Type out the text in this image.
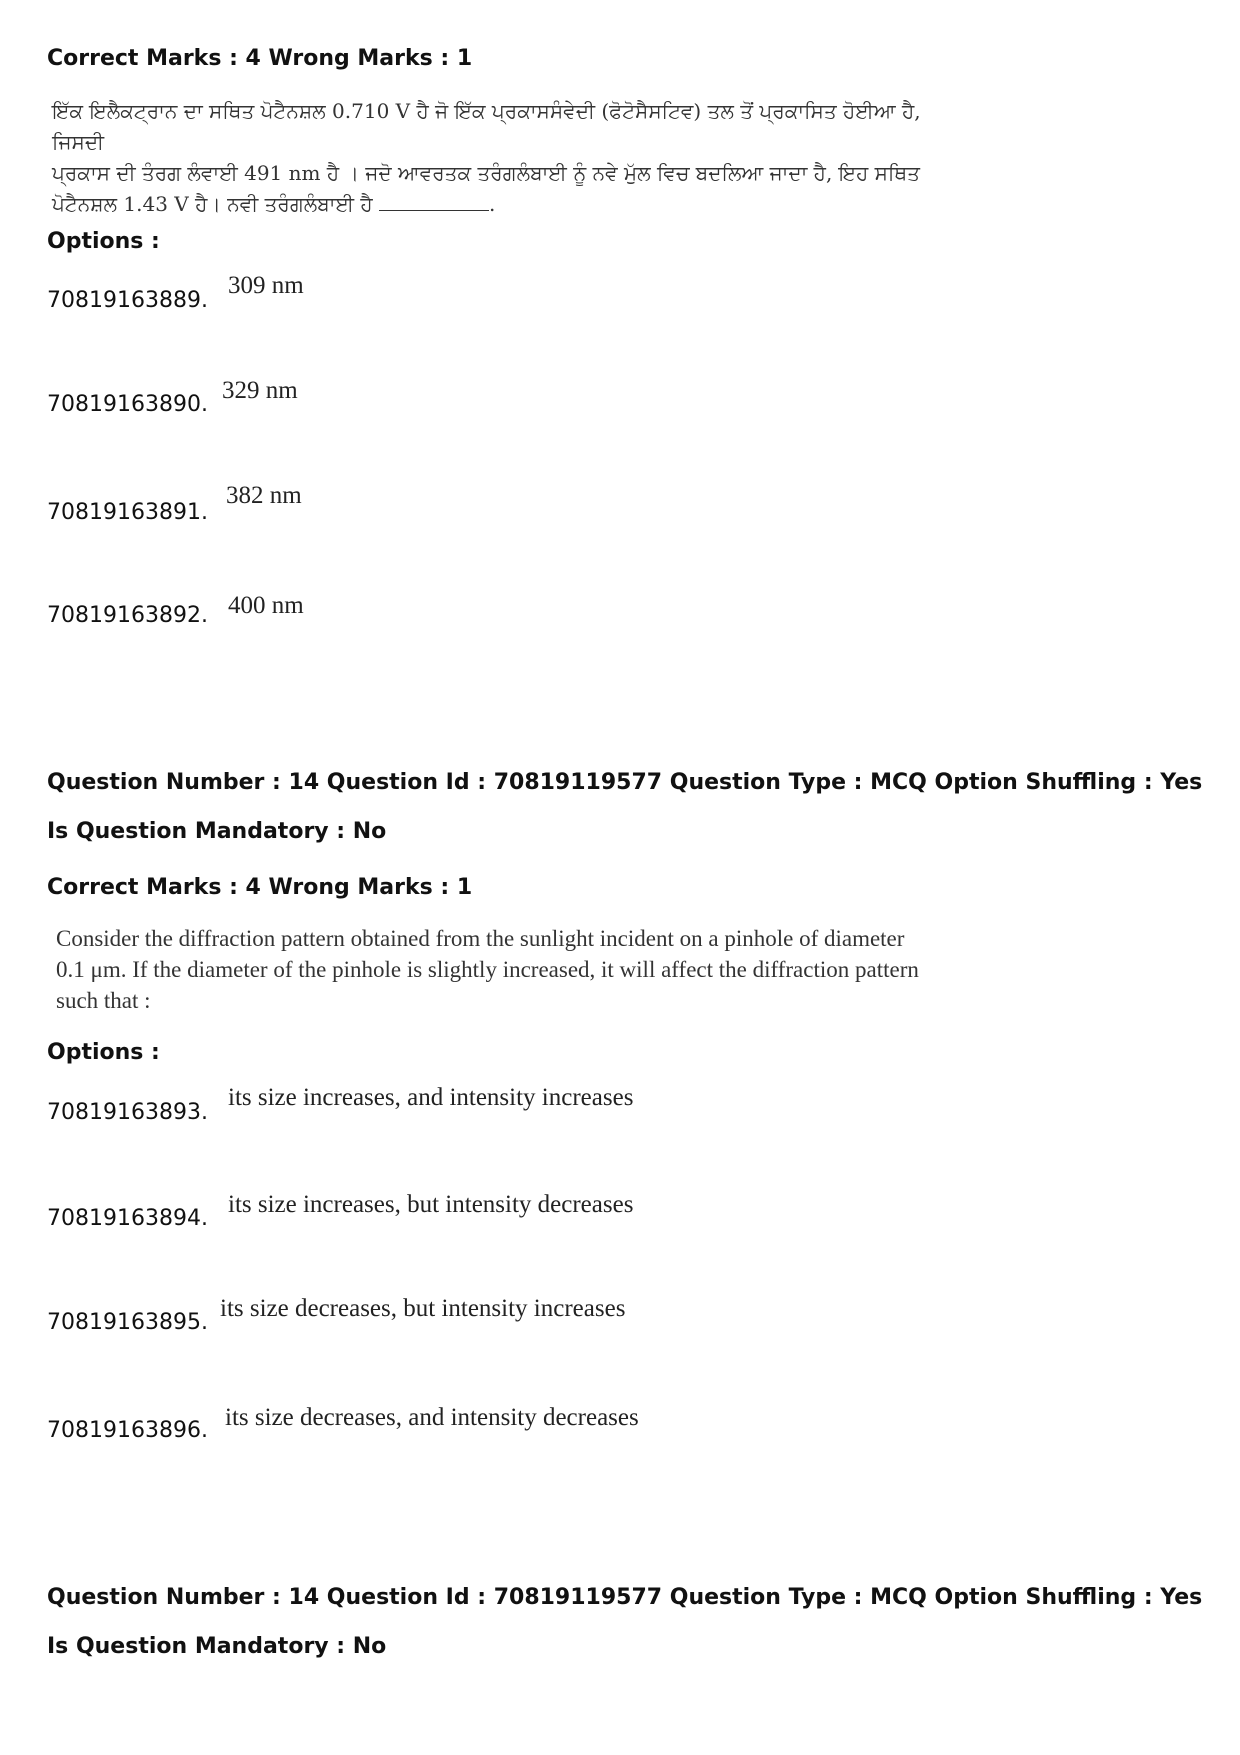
Correct Marks : 4 Wrong Marks : 1
ਇੱਕ ਇਲੈਕਟ੍ਰਾਨ ਦਾ ਸਥਿਤ ਪੋਟੈਨਸ਼ਲ 0.710 V ਹੈ ਜੋ ਇੱਕ ਪ੍ਰਕਾਸਸੰਵੇਦੀ (ਫੋਟੋਸੈਸਟਿਵ) ਤਲ ਤੋਂ ਪ੍ਰਕਾਸਿਤ ਹੋਈਆ ਹੈ, ਜਿਸਦੀ
ਪ੍ਰਕਾਸ ਦੀ ਤੰਰਗ ਲੰਵਾਈ 491 nm ਹੈ । ਜਦੋ ਆਵਰਤਕ ਤਰੰਗਲੰਬਾਈ ਨੂੰ ਨਵੇ ਮੁੱਲ ਵਿਚ ਬਦਲਿਆ ਜਾਦਾ ਹੈ, ਇਹ ਸਥਿਤ
ਪੋਟੈਨਸ਼ਲ 1.43 V ਹੈ। ਨਵੀ ਤਰੰਗਲੰਬਾਈ ਹੈ	.
Options :
70819163889.
309 nm
70819163890.
329 nm
70819163891.
382 nm
70819163892. 400 nm
Question Number : 14 Question Id : 70819119577 Question Type : MCQ Option Shuffling : Yes
Is Question Mandatory : No
Correct Marks : 4 Wrong Marks : 1
Consider the diffraction pattern obtained from the sunlight incident on a pinhole of diameter
0.1 μm. If the diameter of the pinhole is slightly increased, it will affect the diffraction pattern
such that :
Options :
70819163893.
its size increases, and intensity increases
70819163894.
its size increases, but intensity decreases
70819163895.
its size decreases, but intensity increases
70819163896. its size decreases, and intensity decreases
Question Number : 14 Question Id : 70819119577 Question Type : MCQ Option Shuffling : Yes
Is Question Mandatory : No
